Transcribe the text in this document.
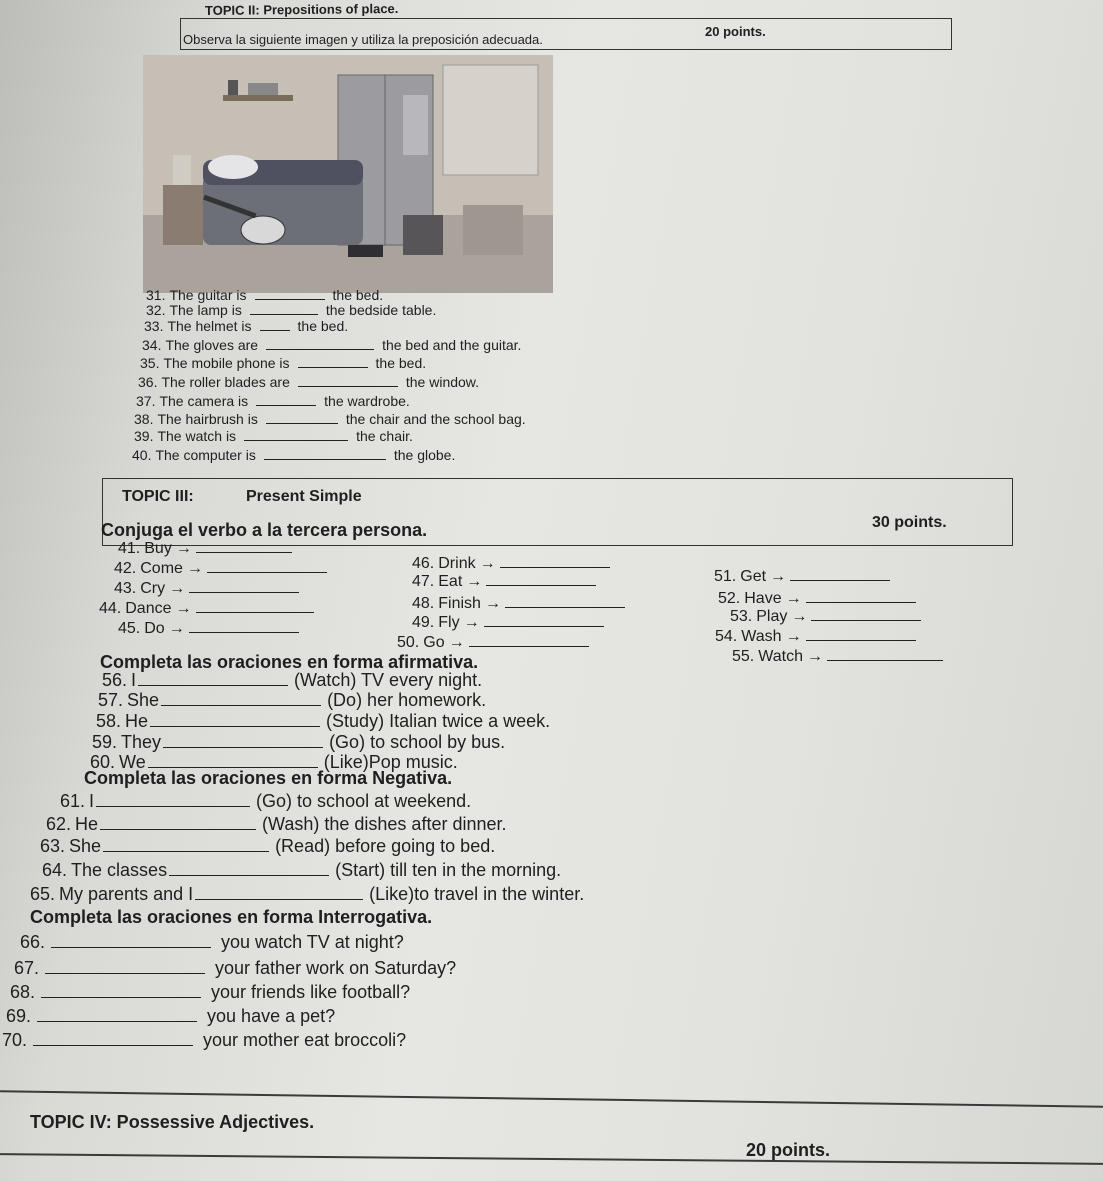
TOPIC II: Prepositions of place.
20 points.
Observa la siguiente imagen y utiliza la preposición adecuada.
31. The guitar is	the bed.
32. The lamp is	the bedside table.
33. The helmet is	the bed.
34. The gloves are	the bed and the guitar.
35. The mobile phone is	the bed.
36. The roller blades are	the window.
37. The camera is	the wardrobe.
38. The hairbrush is	the chair and the school bag.
39. The watch is	the chair.
40. The computer is	the globe.
TOPIC III:	Present Simple
30 points.
Conjuga el verbo a la tercera persona.
41. Buy →
42. Come →
43. Cry →
44. Dance →
45. Do →
46. Drink →
47. Eat →
48. Finish →
49. Fly →
50. Go →
51. Get →
52. Have →
53. Play →
54. Wash →
55. Watch →
Completa las oraciones en forma afirmativa.
56. I	(Watch) TV every night.
57. She	(Do) her homework.
58. He	(Study) Italian twice a week.
59. They	(Go) to school by bus.
60. We	(Like)Pop music.
Completa las oraciones en forma Negativa.
61. I	(Go) to school at weekend.
62. He	(Wash) the dishes after dinner.
63. She	(Read) before going to bed.
64. The classes	(Start) till ten in the morning.
65. My parents and I	(Like)to travel in the winter.
Completa las oraciones en forma Interrogativa.
66.	you watch TV at night?
67.	your father work on Saturday?
68.	your friends like football?
69.	you have a pet?
70.	your mother eat broccoli?
TOPIC IV: Possessive Adjectives.
20 points.
